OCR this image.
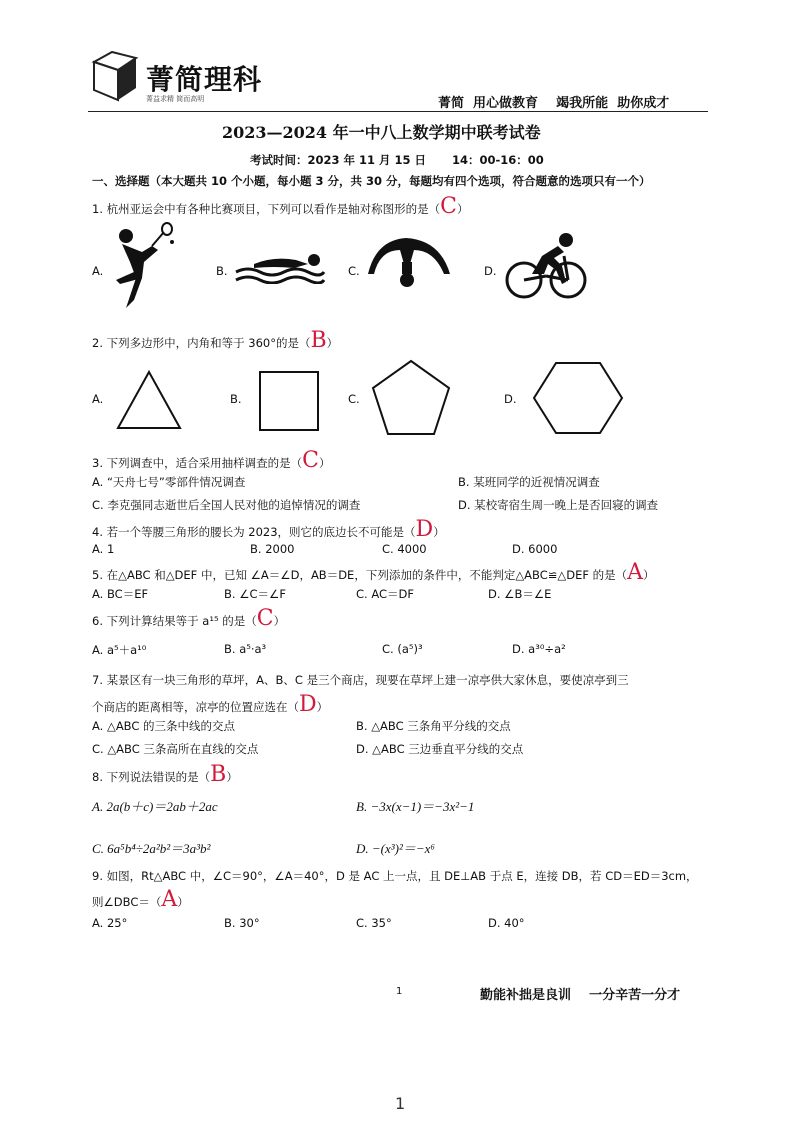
菁简理科
菁益求精 简而高明	菁简  用心做教育    竭我所能  助你成才
2023—2024 年一中八上数学期中联考试卷
考试时间：2023 年 11 月 15 日 14：00-16：00
一、选择题（本大题共 10 个小题，每小题 3 分，共 30 分，每题均有四个选项，符合题意的选项只有一个）
1. 杭州亚运会中有各种比赛项目，下列可以看作是轴对称图形的是（C）
A.	B.	C.	D.
2. 下列多边形中，内角和等于 360°的是（B）
A.	B.	C.	D.
3. 下列调查中，适合采用抽样调查的是（C）
A. “天舟七号”零部件情况调查	B. 某班同学的近视情况调查
C. 李克强同志逝世后全国人民对他的追悼情况的调查	D. 某校寄宿生周一晚上是否回寝的调查
4. 若一个等腰三角形的腰长为 2023，则它的底边长不可能是（D）
A. 1	B. 2000	C. 4000	D. 6000
5. 在△ABC 和△DEF 中，已知 ∠A＝∠D，AB＝DE，下列添加的条件中，不能判定△ABC≌△DEF 的是（A）
A. BC＝EF	B. ∠C＝∠F	C. AC＝DF	D. ∠B＝∠E
6. 下列计算结果等于 a¹⁵ 的是（C）
A. a⁵＋a¹⁰	B. a⁵·a³	C. (a⁵)³	D. a³⁰÷a²
7. 某景区有一块三角形的草坪，A、B、C 是三个商店，现要在草坪上建一凉亭供大家休息，要使凉亭到三
个商店的距离相等，凉亭的位置应选在（D）
A. △ABC 的三条中线的交点	B. △ABC 三条角平分线的交点
C. △ABC 三条高所在直线的交点	D. △ABC 三边垂直平分线的交点
8. 下列说法错误的是（B）
A. 2a(b＋c)＝2ab＋2ac	B. −3x(x−1)＝−3x²−1
C. 6a⁵b⁴÷2a²b²＝3a³b²	D. −(x³)²＝−x⁶
9. 如图，Rt△ABC 中，∠C＝90°，∠A＝40°，D 是 AC 上一点，且 DE⊥AB 于点 E，连接 DB，若 CD＝ED＝3cm，
则∠DBC＝（A）
A. 25°	B. 30°	C. 35°	D. 40°
1	勤能补拙是良训    一分辛苦一分才
1
